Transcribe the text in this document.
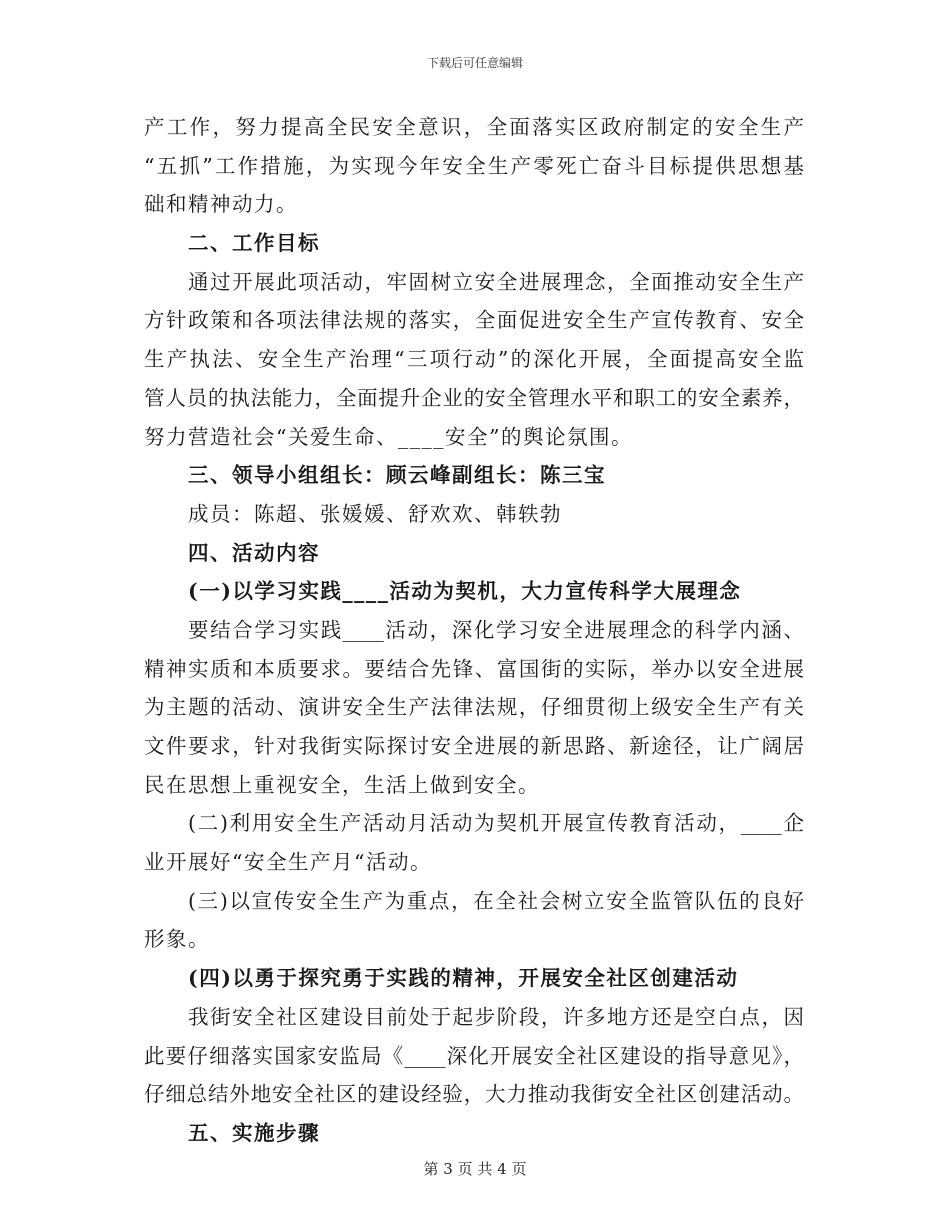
下载后可任意编辑
产工作，努力提高全民安全意识，全面落实区政府制定的安全生产
“五抓”工作措施，为实现今年安全生产零死亡奋斗目标提供思想基
础和精神动力。
二、工作目标
通过开展此项活动，牢固树立安全进展理念，全面推动安全生产
方针政策和各项法律法规的落实，全面促进安全生产宣传教育、安全
生产执法、安全生产治理“三项行动”的深化开展，全面提高安全监
管人员的执法能力，全面提升企业的安全管理水平和职工的安全素养，
努力营造社会“关爱生命、____安全”的舆论氛围。
三、领导小组组长：顾云峰副组长：陈三宝
成员：陈超、张媛媛、舒欢欢、韩轶勃
四、活动内容
(一)以学习实践____活动为契机，大力宣传科学大展理念
要结合学习实践____活动，深化学习安全进展理念的科学内涵、
精神实质和本质要求。要结合先锋、富国街的实际，举办以安全进展
为主题的活动、演讲安全生产法律法规，仔细贯彻上级安全生产有关
文件要求，针对我街实际探讨安全进展的新思路、新途径，让广阔居
民在思想上重视安全，生活上做到安全。
(二)利用安全生产活动月活动为契机开展宣传教育活动，____企
业开展好“安全生产月“活动。
(三)以宣传安全生产为重点，在全社会树立安全监管队伍的良好
形象。
(四)以勇于探究勇于实践的精神，开展安全社区创建活动
我街安全社区建设目前处于起步阶段，许多地方还是空白点，因
此要仔细落实国家安监局《____深化开展安全社区建设的指导意见》，
仔细总结外地安全社区的建设经验，大力推动我街安全社区创建活动。
五、实施步骤
第 3 页 共 4 页
